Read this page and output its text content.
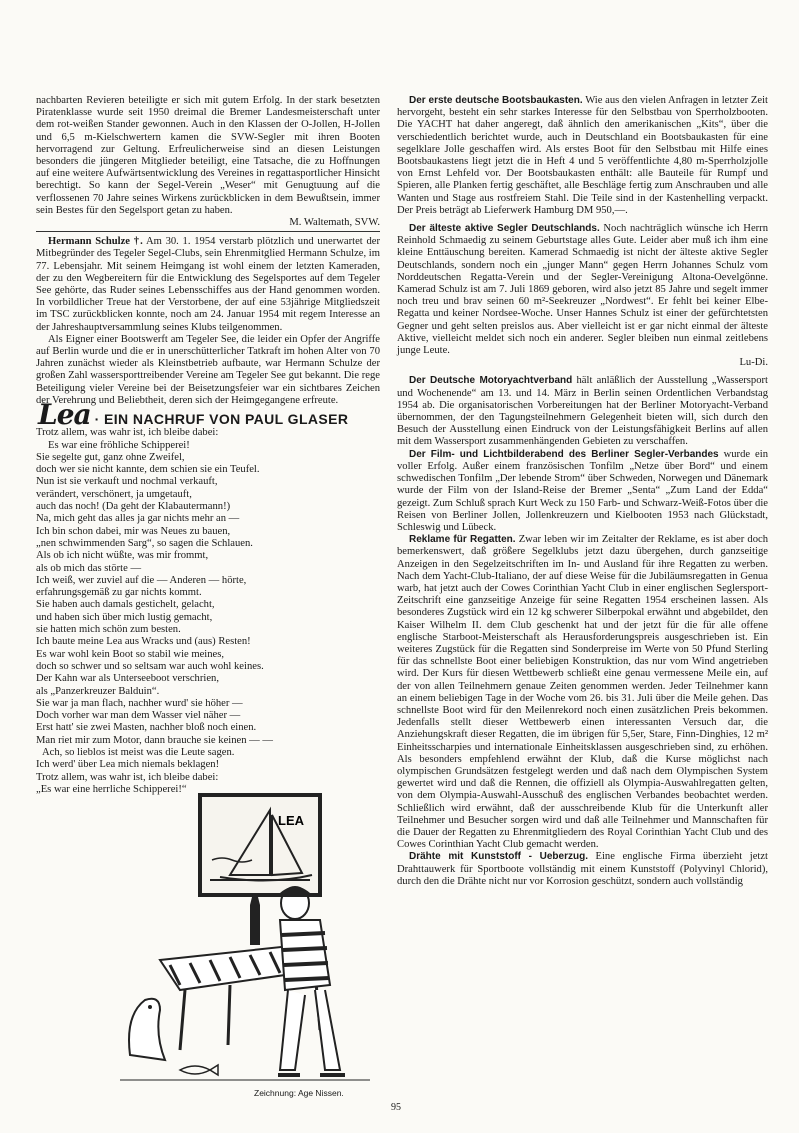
nachbarten Revieren beteiligte er sich mit gutem Erfolg. In der stark besetzten Piratenklasse wurde seit 1950 dreimal die Bremer Landesmeisterschaft unter dem rot-weißen Stander gewonnen. Auch in den Klassen der O-Jollen, H-Jollen und 6,5 m-Kielschwertern kamen die SVW-Segler mit ihren Booten hervorragend zur Geltung. Erfreulicherweise sind an diesen Leistungen besonders die jüngeren Mitglieder beteiligt, eine Tatsache, die zu Hoffnungen auf eine weitere Aufwärtsentwicklung des Vereines in regattasportlicher Hinsicht berechtigt. So kann der Segel-Verein „Weser“ mit Genugtuung auf die verflossenen 70 Jahre seines Wirkens zurückblicken in dem Bewußtsein, immer sein Bestes für den Segelsport getan zu haben.

M. Waltemath, SVW.

Hermann Schulze †. Am 30. 1. 1954 verstarb plötzlich und unerwartet der Mitbegründer des Tegeler Segel-Clubs, sein Ehrenmitglied Hermann Schulze, im 77. Lebensjahr. Mit seinem Heimgang ist wohl einem der letzten Kameraden, der zu den Wegbereitern für die Entwicklung des Segelsportes auf dem Tegeler See gehörte, das Ruder seines Lebensschiffes aus der Hand genommen worden. In vorbildlicher Treue hat der Verstorbene, der auf eine 53jährige Mitgliedszeit im TSC zurückblicken konnte, noch am 24. Januar 1954 mit regem Interesse an der Jahreshauptversammlung seines Klubs teilgenommen.

Als Eigner einer Bootswerft am Tegeler See, die leider ein Opfer der Angriffe auf Berlin wurde und die er in unerschütterlicher Tatkraft im hohen Alter von 70 Jahren zunächst wieder als Kleinstbetrieb aufbaute, war Hermann Schulze der großen Zahl wassersporttreibender Vereine am Tegeler See gut bekannt. Die rege Beteiligung vieler Vereine bei der Beisetzungsfeier war ein sichtbares Zeichen der Verehrung und Beliebtheit, deren sich der Heimgegangene erfreute.

Lea · EIN NACHRUF VON PAUL GLASER
Trotz allem, was wahr ist, ich bleibe dabei:
Es war eine fröhliche Schipperei!
Sie segelte gut, ganz ohne Zweifel,
doch wer sie nicht kannte, dem schien sie ein Teufel.
Nun ist sie verkauft und nochmal verkauft,
verändert, verschönert, ja umgetauft,
auch das noch! (Da geht der Klabautermann!)
Na, mich geht das alles ja gar nichts mehr an —
Ich bin schon dabei, mir was Neues zu bauen,
„nen schwimmenden Sarg“, so sagen die Schlauen.
Als ob ich nicht wüßte, was mir frommt,
als ob mich das störte —
Ich weiß, wer zuviel auf die — Anderen — hörte,
erfahrungsgemäß zu gar nichts kommt.
Sie haben auch damals gestichelt, gelacht,
und haben sich über mich lustig gemacht,
sie hatten mich schön zum besten.
Ich baute meine Lea aus Wracks und (aus) Resten!
Es war wohl kein Boot so stabil wie meines,
doch so schwer und so seltsam war auch wohl keines.
Der Kahn war als Unterseeboot verschrien,
als „Panzerkreuzer Balduin“.
Sie war ja man flach, nachher wurd' sie höher —
Doch vorher war man dem Wasser viel näher —
Erst hatt' sie zwei Masten, nachher bloß noch einen.
Man riet mir zum Motor, dann brauche sie keinen — —
Ach, so lieblos ist meist was die Leute sagen.
Ich werd' über Lea mich niemals beklagen!
Trotz allem, was wahr ist, ich bleibe dabei:
„Es war eine herrliche Schipperei!“
LEA
Zeichnung: Age Nissen.

Der erste deutsche Bootsbaukasten. Wie aus den vielen Anfragen in letzter Zeit hervorgeht, besteht ein sehr starkes Interesse für den Selbstbau von Sperrholzbooten. Die YACHT hat daher angeregt, daß ähnlich den amerikanischen „Kits“, über die verschiedentlich berichtet wurde, auch in Deutschland ein Bootsbaukasten für eine segelklare Jolle geschaffen wird. Als erstes Boot für den Selbstbau mit Hilfe eines Bootsbaukastens liegt jetzt die in Heft 4 und 5 veröffentlichte 4,80 m-Sperrholzjolle von Ernst Lehfeld vor. Der Bootsbaukasten enthält: alle Bauteile für Rumpf und Spieren, alle Planken fertig geschäftet, alle Beschläge fertig zum Anschrauben und alle Wanten und Stage aus rostfreiem Stahl. Die Teile sind in der Kastenhelling verpackt. Der Preis beträgt ab Lieferwerk Hamburg DM 950,—.

Der älteste aktive Segler Deutschlands. Noch nachträglich wünsche ich Herrn Reinhold Schmaedig zu seinem Geburtstage alles Gute. Leider aber muß ich ihm eine kleine Enttäuschung bereiten. Kamerad Schmaedig ist nicht der älteste aktive Segler Deutschlands, sondern noch ein „junger Mann“ gegen Herrn Johannes Schulz vom Norddeutschen Regatta-Verein und der Segler-Vereinigung Altona-Oevelgönne. Kamerad Schulz ist am 7. Juli 1869 geboren, wird also jetzt 85 Jahre und segelt immer noch treu und brav seinen 60 m²-Seekreuzer „Nordwest“. Er fehlt bei keiner Elbe-Regatta und keiner Nordsee-Woche. Unser Hannes Schulz ist einer der gefürchtetsten Gegner und geht selten preislos aus. Aber vielleicht ist er gar nicht einmal der älteste Aktive, vielleicht meldet sich noch ein anderer. Segler bleiben nun einmal zeitlebens junge Leute.

Lu-Di.

Der Deutsche Motoryachtverband hält anläßlich der Ausstellung „Wassersport und Wochenende“ am 13. und 14. März in Berlin seinen Ordentlichen Verbandstag 1954 ab. Die organisatorischen Vorbereitungen hat der Berliner Motoryacht-Verband übernommen, der den Tagungsteilnehmern Gelegenheit bieten will, sich durch den Besuch der Ausstellung einen Eindruck von der Leistungsfähigkeit Berlins auf allen mit dem Wassersport zusammenhängenden Gebieten zu verschaffen.

Der Film- und Lichtbilderabend des Berliner Segler-Verbandes wurde ein voller Erfolg. Außer einem französischen Tonfilm „Netze über Bord“ und einem schwedischen Tonfilm „Der lebende Strom“ über Schweden, Norwegen und Dänemark wurde der Film von der Island-Reise der Bremer „Senta“ „Zum Land der Edda“ gezeigt. Zum Schluß sprach Kurt Weck zu 150 Farb- und Schwarz-Weiß-Fotos über die Reisen von Berliner Jollen, Jollenkreuzern und Kielbooten 1953 nach Glückstadt, Schleswig und Lübeck.

Reklame für Regatten. Zwar leben wir im Zeitalter der Reklame, es ist aber doch bemerkenswert, daß größere Segelklubs jetzt dazu übergehen, durch ganzseitige Anzeigen in den Segelzeitschriften im In- und Ausland für ihre Regatten zu werben. Nach dem Yacht-Club-Italiano, der auf diese Weise für die Jubiläumsregatten in Genua warb, hat jetzt auch der Cowes Corinthian Yacht Club in einer englischen Seglersport-Zeitschrift eine ganzseitige Anzeige für seine Regatten 1954 erscheinen lassen. Als besonderes Zugstück wird ein 12 kg schwerer Silberpokal erwähnt und abgebildet, den Kaiser Wilhelm II. dem Club geschenkt hat und der jetzt für die für alle offene englische Starboot-Meisterschaft als Herausforderungspreis ausgeschrieben ist. Ein weiteres Zugstück für die Regatten sind Sonderpreise im Werte von 50 Pfund Sterling für das schnellste Boot einer beliebigen Konstruktion, das nur vom Wind angetrieben wird. Der Kurs für diesen Wettbewerb schließt eine genau vermessene Meile ein, auf der von allen Teilnehmern genaue Zeiten genommen werden. Jeder Teilnehmer kann an einem beliebigen Tage in der Woche vom 26. bis 31. Juli über die Meile gehen. Das schnellste Boot wird für den Meilenrekord noch einen zusätzlichen Preis bekommen. Jedenfalls stellt dieser Wettbewerb einen interessanten Versuch dar, die Anziehungskraft dieser Regatten, die im übrigen für 5,5er, Stare, Finn-Dinghies, 12 m² Einheitsscharpies und internationale Einheitsklassen ausgeschrieben sind, zu erhöhen. Als besonders empfehlend erwähnt der Klub, daß die Kurse möglichst nach olympischen Grundsätzen festgelegt werden und daß nach dem Olympischen System gewertet wird und daß die Rennen, die offiziell als Olympia-Auswahlregatten gelten, von dem Olympia-Auswahl-Ausschuß des englischen Verbandes beobachtet werden. Schließlich wird erwähnt, daß der ausschreibende Klub für die Unterkunft aller Teilnehmer und Besucher sorgen wird und daß alle Teilnehmer und Mannschaften für die Dauer der Regatten zu Ehrenmitgliedern des Royal Corinthian Yacht Club und des Cowes Corinthian Yacht Club gemacht werden.

Drähte mit Kunststoff - Ueberzug. Eine englische Firma überzieht jetzt Drahttauwerk für Sportboote vollständig mit einem Kunststoff (Polyvinyl Chlorid), durch den die Drähte nicht nur vor Korrosion geschützt, sondern auch vollständig

95
